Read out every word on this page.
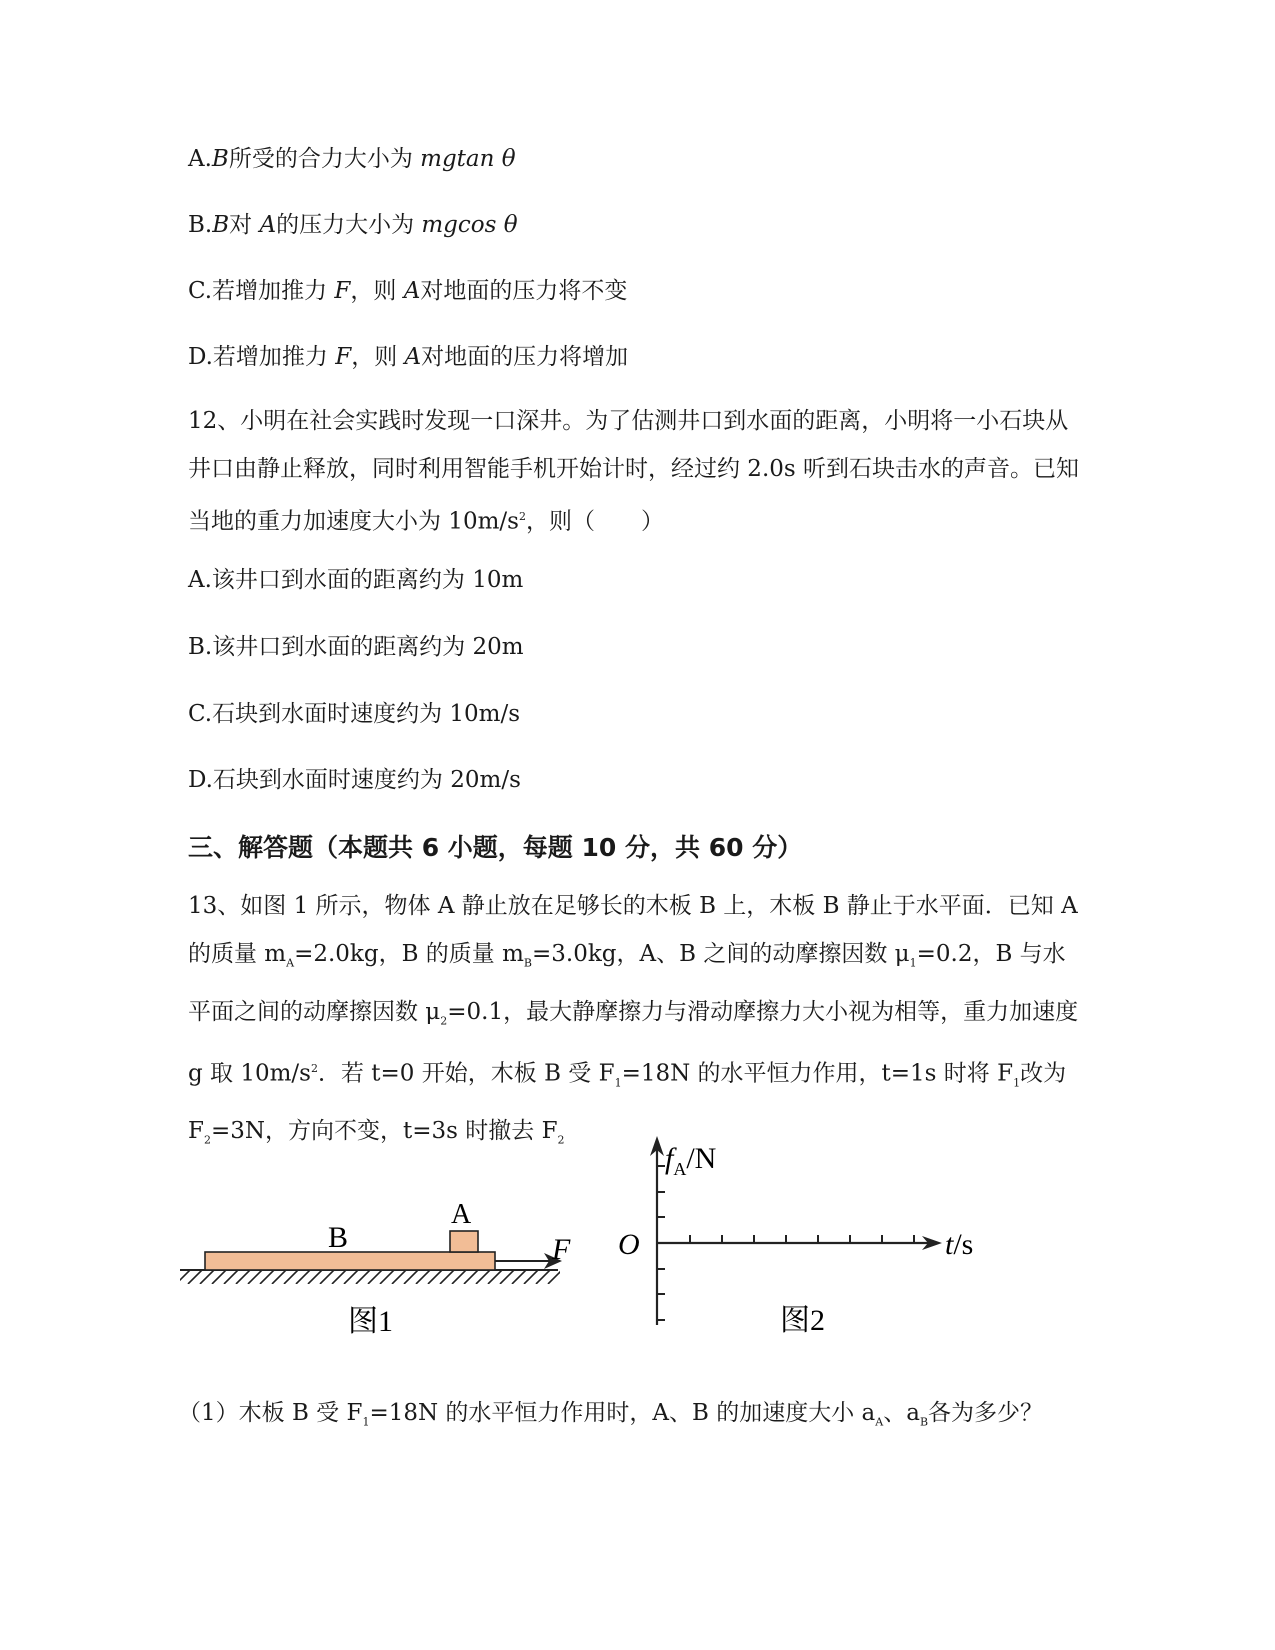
A.B所受的合力大小为 mgtan θ
B.B对 A的压力大小为 mgcos θ
C.若增加推力 F，则 A对地面的压力将不变
D.若增加推力 F，则 A对地面的压力将增加
12、小明在社会实践时发现一口深井。为了估测井口到水面的距离，小明将一小石块从井口由静止释放，同时利用智能手机开始计时，经过约 2.0s 听到石块击水的声音。已知当地的重力加速度大小为 $10m/s^2$，则（　　）
A.该井口到水面的距离约为 10m
B.该井口到水面的距离约为 20m
C.石块到水面时速度约为 10m/s
D.石块到水面时速度约为 20m/s
三、解答题（本题共 6 小题，每题 10 分，共 60 分）
13、如图 1 所示，物体 A 静止放在足够长的木板 B 上，木板 B 静止于水平面．已知 A 的质量 $m_A=2.0kg$，B 的质量 $m_B=3.0kg$，A、B 之间的动摩擦因数 $\mu_1=0.2$，B 与水平面之间的动摩擦因数 $\mu_2=0.1$，最大静摩擦力与滑动摩擦力大小视为相等，重力加速度 g 取 $10m/s^2$．若 t=0 开始，木板 B 受 $F_1=18N$ 的水平恒力作用，t=1s 时将 $F_1$改为 $F_2=3N$，方向不变，t=3s 时撤去 $F_2$
B
A
F
图1
$f_A/N$
O	t/s
图2
（1）木板 B 受 $F_1=18N$ 的水平恒力作用时，A、B 的加速度大小 $a_A$、$a_B$各为多少？
